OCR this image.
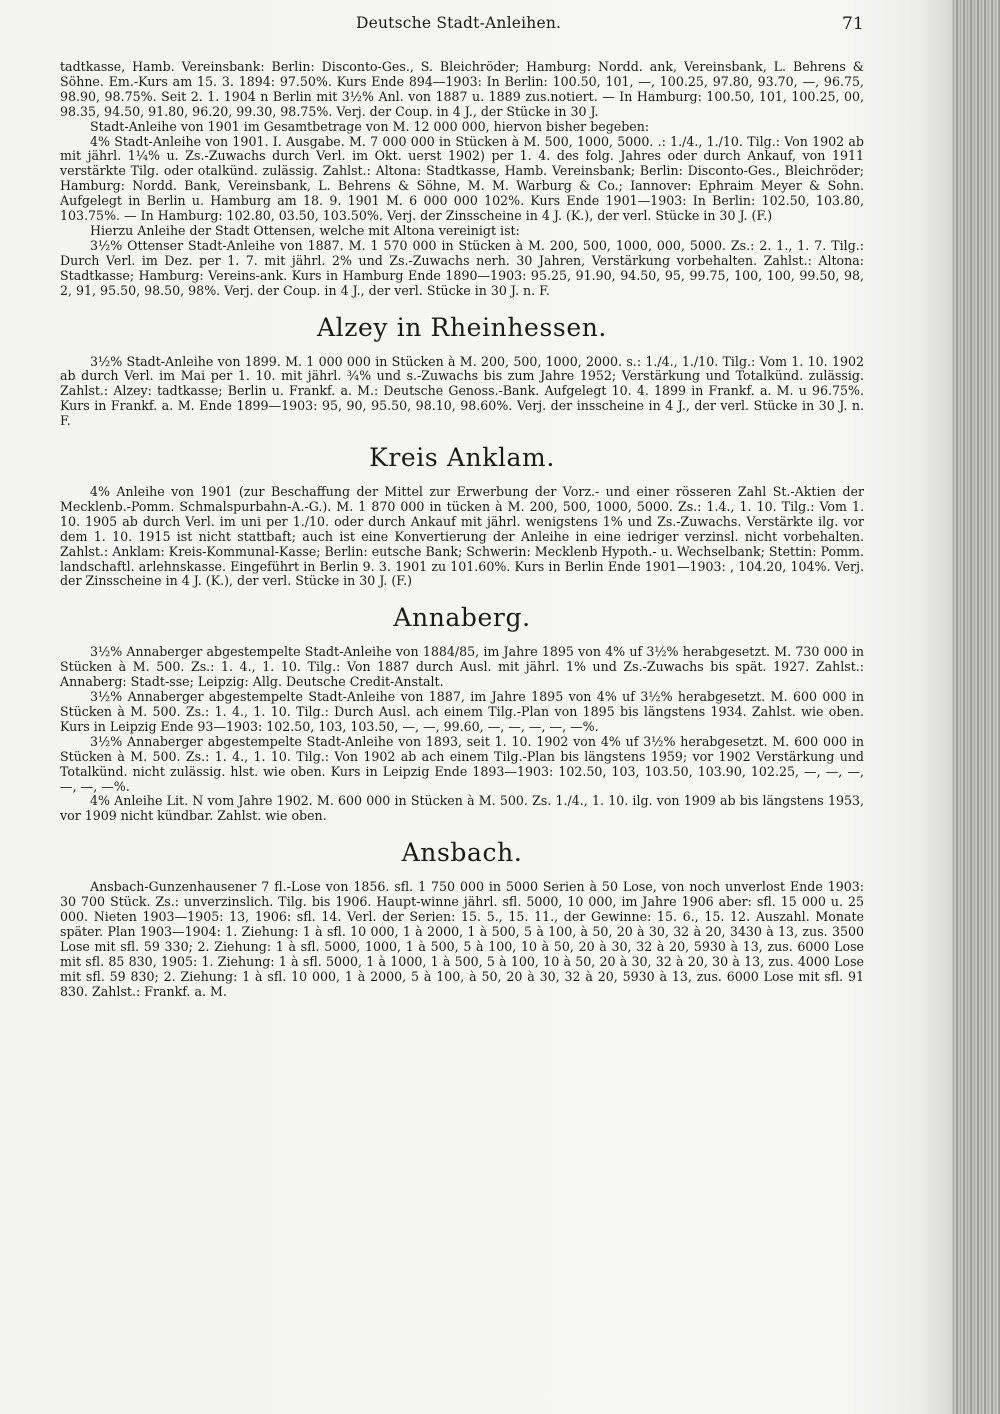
Deutsche Stadt-Anleihen.	71

tadtkasse, Hamb. Vereinsbank: Berlin: Disconto-Ges., S. Bleichröder; Hamburg: Nordd. ank, Vereinsbank, L. Behrens & Söhne. Em.-Kurs am 15. 3. 1894: 97.50%. Kurs Ende 894—1903: In Berlin: 100.50, 101, —, 100.25, 97.80, 93.70, —, 96.75, 98.90, 98.75%. Seit 2. 1. 1904 n Berlin mit 3½% Anl. von 1887 u. 1889 zus.notiert. — In Hamburg: 100.50, 101, 100.25, 00, 98.35, 94.50, 91.80, 96.20, 99.30, 98.75%. Verj. der Coup. in 4 J., der Stücke in 30 J.

Stadt-Anleihe von 1901 im Gesamtbetrage von M. 12 000 000, hiervon bisher begeben:

4% Stadt-Anleihe von 1901. I. Ausgabe. M. 7 000 000 in Stücken à M. 500, 1000, 5000. .: 1./4., 1./10. Tilg.: Von 1902 ab mit jährl. 1¼% u. Zs.-Zuwachs durch Verl. im Okt. uerst 1902) per 1. 4. des folg. Jahres oder durch Ankauf, von 1911 verstärkte Tilg. oder otalkünd. zulässig. Zahlst.: Altona: Stadtkasse, Hamb. Vereinsbank; Berlin: Disconto-Ges., Bleichröder; Hamburg: Nordd. Bank, Vereinsbank, L. Behrens & Söhne, M. M. Warburg & Co.; Iannover: Ephraim Meyer & Sohn. Aufgelegt in Berlin u. Hamburg am 18. 9. 1901 M. 6 000 000 102%. Kurs Ende 1901—1903: In Berlin: 102.50, 103.80, 103.75%. — In Hamburg: 102.80, 03.50, 103.50%. Verj. der Zinsscheine in 4 J. (K.), der verl. Stücke in 30 J. (F.)

Hierzu Anleihe der Stadt Ottensen, welche mit Altona vereinigt ist:

3½% Ottenser Stadt-Anleihe von 1887. M. 1 570 000 in Stücken à M. 200, 500, 1000, 000, 5000. Zs.: 2. 1., 1. 7. Tilg.: Durch Verl. im Dez. per 1. 7. mit jährl. 2% und Zs.-Zuwachs nerh. 30 Jahren, Verstärkung vorbehalten. Zahlst.: Altona: Stadtkasse; Hamburg: Vereins-ank. Kurs in Hamburg Ende 1890—1903: 95.25, 91.90, 94.50, 95, 99.75, 100, 100, 99.50, 98, 2, 91, 95.50, 98.50, 98%. Verj. der Coup. in 4 J., der verl. Stücke in 30 J. n. F.

Alzey in Rheinhessen.

3½% Stadt-Anleihe von 1899. M. 1 000 000 in Stücken à M. 200, 500, 1000, 2000. s.: 1./4., 1./10. Tilg.: Vom 1. 10. 1902 ab durch Verl. im Mai per 1. 10. mit jährl. ¾% und s.-Zuwachs bis zum Jahre 1952; Verstärkung und Totalkünd. zulässig. Zahlst.: Alzey: tadtkasse; Berlin u. Frankf. a. M.: Deutsche Genoss.-Bank. Aufgelegt 10. 4. 1899 in Frankf. a. M. u 96.75%. Kurs in Frankf. a. M. Ende 1899—1903: 95, 90, 95.50, 98.10, 98.60%. Verj. der insscheine in 4 J., der verl. Stücke in 30 J. n. F.

Kreis Anklam.

4% Anleihe von 1901 (zur Beschaffung der Mittel zur Erwerbung der Vorz.- und einer rösseren Zahl St.-Aktien der Mecklenb.-Pomm. Schmalspurbahn-A.-G.). M. 1 870 000 in tücken à M. 200, 500, 1000, 5000. Zs.: 1.4., 1. 10. Tilg.: Vom 1. 10. 1905 ab durch Verl. im uni per 1./10. oder durch Ankauf mit jährl. wenigstens 1% und Zs.-Zuwachs. Verstärkte ilg. vor dem 1. 10. 1915 ist nicht stattbaft; auch ist eine Konvertierung der Anleihe in eine iedriger verzinsl. nicht vorbehalten. Zahlst.: Anklam: Kreis-Kommunal-Kasse; Berlin: eutsche Bank; Schwerin: Mecklenb Hypoth.- u. Wechselbank; Stettin: Pomm. landschaftl. arlehnskasse. Eingeführt in Berlin 9. 3. 1901 zu 101.60%. Kurs in Berlin Ende 1901—1903: , 104.20, 104%. Verj. der Zinsscheine in 4 J. (K.), der verl. Stücke in 30 J. (F.)

Annaberg.

3½% Annaberger abgestempelte Stadt-Anleihe von 1884/85, im Jahre 1895 von 4% uf 3½% herabgesetzt. M. 730 000 in Stücken à M. 500. Zs.: 1. 4., 1. 10. Tilg.: Von 1887 durch Ausl. mit jährl. 1% und Zs.-Zuwachs bis spät. 1927. Zahlst.: Annaberg: Stadt-sse; Leipzig: Allg. Deutsche Credit-Anstalt.

3½% Annaberger abgestempelte Stadt-Anleihe von 1887, im Jahre 1895 von 4% uf 3½% herabgesetzt. M. 600 000 in Stücken à M. 500. Zs.: 1. 4., 1. 10. Tilg.: Durch Ausl. ach einem Tilg.-Plan von 1895 bis längstens 1934. Zahlst. wie oben. Kurs in Leipzig Ende 93—1903: 102.50, 103, 103.50, —, —, 99.60, —, —, —, —, —%.

3½% Annaberger abgestempelte Stadt-Anleihe von 1893, seit 1. 10. 1902 von 4% uf 3½% herabgesetzt. M. 600 000 in Stücken à M. 500. Zs.: 1. 4., 1. 10. Tilg.: Von 1902 ab ach einem Tilg.-Plan bis längstens 1959; vor 1902 Verstärkung und Totalkünd. nicht zulässig. hlst. wie oben. Kurs in Leipzig Ende 1893—1903: 102.50, 103, 103.50, 103.90, 102.25, —, —, —, —, —, —%.

4% Anleihe Lit. N vom Jahre 1902. M. 600 000 in Stücken à M. 500. Zs. 1./4., 1. 10. ilg. von 1909 ab bis längstens 1953, vor 1909 nicht kündbar. Zahlst. wie oben.

Ansbach.

Ansbach-Gunzenhausener 7 fl.-Lose von 1856. sfl. 1 750 000 in 5000 Serien à 50 Lose, von noch unverlost Ende 1903: 30 700 Stück. Zs.: unverzinslich. Tilg. bis 1906. Haupt-winne jährl. sfl. 5000, 10 000, im Jahre 1906 aber: sfl. 15 000 u. 25 000. Nieten 1903—1905: 13, 1906: sfl. 14. Verl. der Serien: 15. 5., 15. 11., der Gewinne: 15. 6., 15. 12. Auszahl. Monate später. Plan 1903—1904: 1. Ziehung: 1 à sfl. 10 000, 1 à 2000, 1 à 500, 5 à 100, à 50, 20 à 30, 32 à 20, 3430 à 13, zus. 3500 Lose mit sfl. 59 330; 2. Ziehung: 1 à sfl. 5000, 1000, 1 à 500, 5 à 100, 10 à 50, 20 à 30, 32 à 20, 5930 à 13, zus. 6000 Lose mit sfl. 85 830, 1905: 1. Ziehung: 1 à sfl. 5000, 1 à 1000, 1 à 500, 5 à 100, 10 à 50, 20 à 30, 32 à 20, 30 à 13, zus. 4000 Lose mit sfl. 59 830; 2. Ziehung: 1 à sfl. 10 000, 1 à 2000, 5 à 100, à 50, 20 à 30, 32 à 20, 5930 à 13, zus. 6000 Lose mit sfl. 91 830. Zahlst.: Frankf. a. M.
